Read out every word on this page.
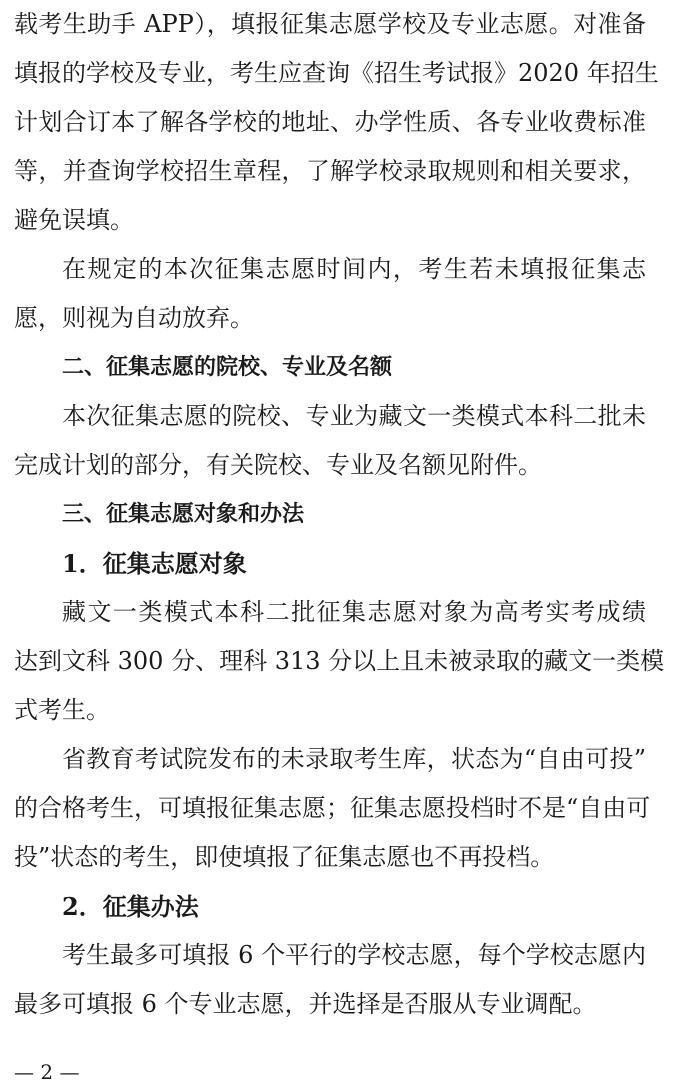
载考生助手 APP），填报征集志愿学校及专业志愿。对准备
填报的学校及专业，考生应查询《招生考试报》2020 年招生
计划合订本了解各学校的地址、办学性质、各专业收费标准
等，并查询学校招生章程，了解学校录取规则和相关要求，
避免误填。
在规定的本次征集志愿时间内，考生若未填报征集志
愿，则视为自动放弃。
二、征集志愿的院校、专业及名额
本次征集志愿的院校、专业为藏文一类模式本科二批未
完成计划的部分，有关院校、专业及名额见附件。
三、征集志愿对象和办法
1．征集志愿对象
藏文一类模式本科二批征集志愿对象为高考实考成绩
达到文科 300 分、理科 313 分以上且未被录取的藏文一类模
式考生。
省教育考试院发布的未录取考生库，状态为“自由可投”
的合格考生，可填报征集志愿；征集志愿投档时不是“自由可
投”状态的考生，即使填报了征集志愿也不再投档。
2．征集办法
考生最多可填报 6 个平行的学校志愿，每个学校志愿内
最多可填报 6 个专业志愿，并选择是否服从专业调配。
— 2 —
